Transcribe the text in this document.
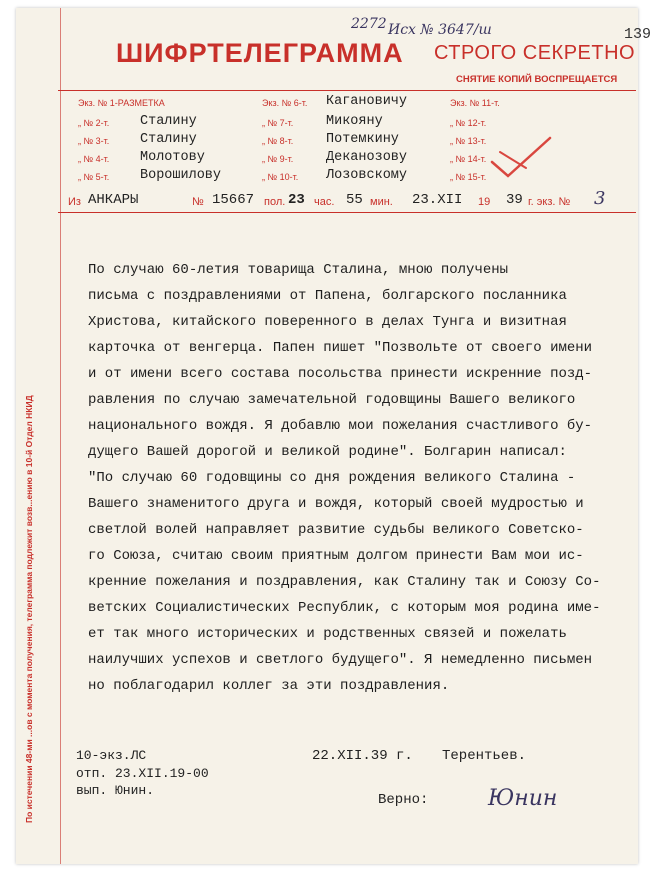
По истечении 48-ми ...ов с момента получения, телеграмма подлежит возв...ению в 10-й Отдел НКИД
139
2272 Исх № 3647/ш
ШИФРТЕЛЕГРАММА СТРОГО СЕКРЕТНО
СНЯТИЕ КОПИЙ ВОСПРЕЩАЕТСЯ
Экз. № 1-РАЗМЕТКА
„ № 2-т. Сталину
„ № 3-т. Сталину
„ № 4-т. Молотову
„ № 5-т. Ворошилову
Экз. № 6-т. Кагановичу
„ № 7-т. Микояну
„ № 8-т. Потемкину
„ № 9-т. Деканозову
„ № 10-т. Лозовскому
Экз. № 11-т.
„ № 12-т.
„ № 13-т.
„ № 14-т.
„ № 15-т.
Из АНКАРЫ	№ 15667 пол. 23 час. 55 мин. 23.XII 19 39 г. экз. № 3
По случаю 60-летия товарища Сталина, мною получены
письма с поздравлениями от Папена, болгарского посланника
Христова, китайского поверенного в делах Тунга и визитная
карточка от венгерца. Папен пишет "Позвольте от своего имени
и от имени всего состава посольства принести искренние позд-
равления по случаю замечательной годовщины Вашего великого
национального вождя. Я добавлю мои пожелания счастливого бу-
дущего Вашей дорогой и великой родине". Болгарин написал:
"По случаю 60 годовщины со дня рождения великого Сталина -
Вашего знаменитого друга и вождя, который своей мудростью и
светлой волей направляет развитие судьбы великого Советско-
го Союза, считаю своим приятным долгом принести Вам мои ис-
кренние пожелания и поздравления, как Сталину так и Союзу Со-
ветских Социалистических Республик, с которым моя родина име-
ет так много исторических и родственных связей и пожелать
наилучших успехов и светлого будущего". Я немедленно письмен
но поблагодарил коллег за эти поздравления.
10-экз.ЛС
отп. 23.XII.19-00
вып. Юнин.
22.XII.39 г. Терентьев.
Верно:	Юнин
